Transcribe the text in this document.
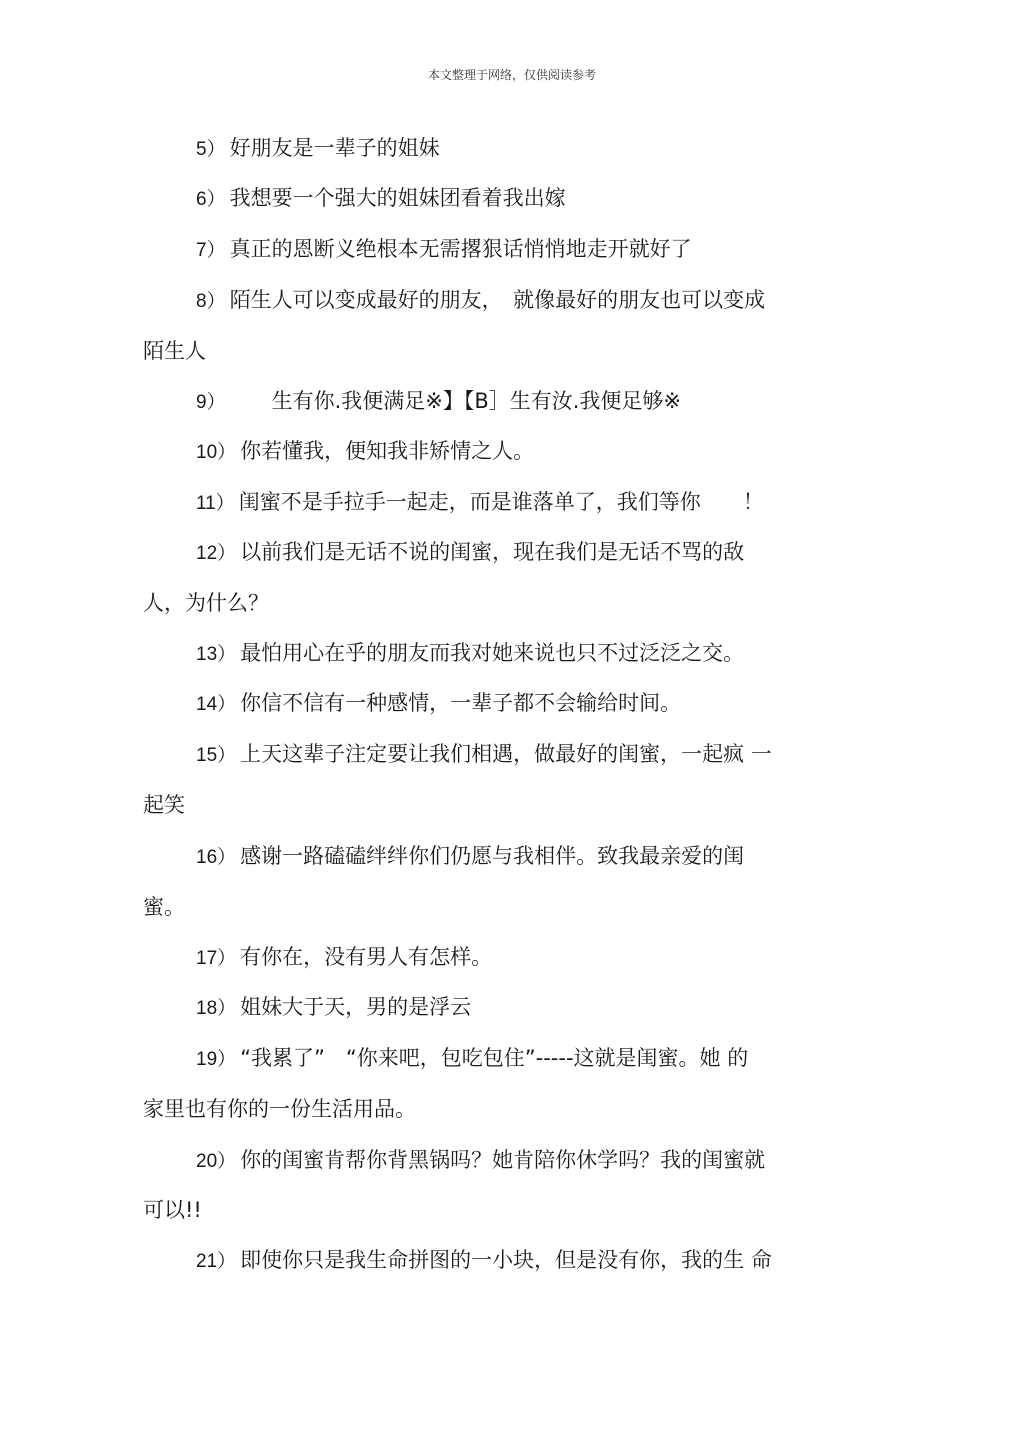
本文整理于网络，仅供阅读参考
5） 好朋友是一辈子的姐妹
6） 我想要一个强大的姐妹团看着我出嫁
7） 真正的恩断义绝根本无需撂狠话悄悄地走开就好了
8） 陌生人可以变成最好的朋友，　就像最好的朋友也可以变成
陌生人
9）　　生有你.我便满足※】【B］生有汝.我便足够※
10） 你若懂我，便知我非矫情之人。
11） 闺蜜不是手拉手一起走，而是谁落单了，我们等你　　！
12） 以前我们是无话不说的闺蜜，现在我们是无话不骂的敌
人，为什么？
13） 最怕用心在乎的朋友而我对她来说也只不过泛泛之交。
14） 你信不信有一种感情，一辈子都不会输给时间。
15） 上天这辈子注定要让我们相遇，做最好的闺蜜，一起疯 一
起笑
16） 感谢一路磕磕绊绊你们仍愿与我相伴。致我最亲爱的闺
蜜。
17） 有你在，没有男人有怎样。
18） 姐妹大于天，男的是浮云
19） “我累了”　“你来吧，包吃包住”-----这就是闺蜜。她 的
家里也有你的一份生活用品。
20） 你的闺蜜肯帮你背黑锅吗？她肯陪你休学吗？我的闺蜜就
可以!!
21） 即使你只是我生命拼图的一小块，但是没有你，我的生 命
